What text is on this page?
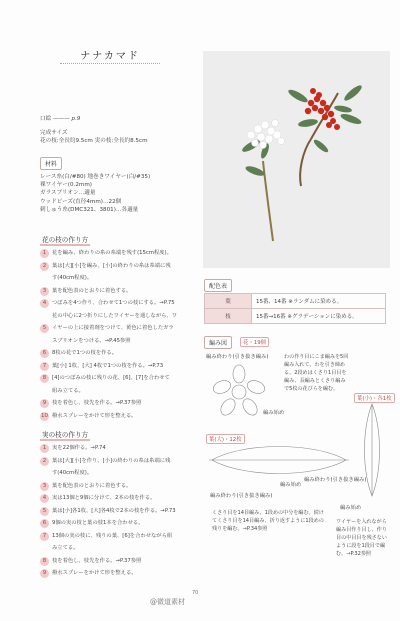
ナナカマド
口絵 ——— p.9
完成サイズ
花の枝:全長約9.5cm 実の枝:全長約8.5cm
材料
レース糸(白/#80) 地巻きワイヤー(白/#35)
裸ワイヤー(0.2mm)
ガラスブリオン…適量
ウッドビーズ(直径4mm)…22個
刺しゅう糸(DMC321、3801)…各適量
花の枝の作り方
1	花を編み、終わりの糸の糸端を残す(15cm程度)。
2	葉は[大][小]を編み、[小]の終わりの糸は糸端に残
す(40cm程度)。
3	葉を配色表のとおりに着色する。
4	つぼみを4つ作り、合わせて1つの枝にする。→P.75
花の中心に2つ折りにしたワイヤーを通しながら、ワ
5	イヤーの上に接着剤をつけて、黄色に着色したガラ
スブリオンをつける。→P.45参照
6	8枚の花で1つの枝を作る。
7	葉[小] 1枚、[大] 4枚で1つの枝を作る。→P.73
8	[4]のつぼみの枝に残りの花、[6]、[7]を合わせて
組み立てる。
9	枝を着色し、枝先を作る。→P.37参照
10 撥水スプレーをかけて形を整える。
実の枝の作り方
1	実を22個作る。→P.74
2	葉は[大][小]を作り、[小]の終わりの糸は糸端に残
す(40cm程度)。
3	葉を配色表のとおりに着色する。
4	実は13個と9個に分けて、2本の枝を作る。
5	葉は[小]各1枚、[大]各4枚で2本の枝を作る。→P.73
6	9個の実の枝と葉の枝1本を合わせる。
7	13個の実の枝に、残りの葉、[6]を合わせながら組
み立てる。
8	枝を着色し、枝先を作る。→P.37参照
9	撥水スプレーをかけて形を整える。
配色表
葉	15番、14番 ※ランダムに染める。
枝	15番→16番 ※グラデーションに染める。
編み図	花・19個
編み終わり(引き抜き編み)
編み始め
わの作り目にこま編みを5回編み入れて、わを引き締める。2段めはくさり1目目を編み、長編みとくさり編みで5枚の花びらを編む。
葉(小)・各1枚
葉(大)・12枚
編み始め
編み終わり(引き抜き編み)
編み終わり(引き抜き編み)
編み始め
くさり目を14目編み、1段めの中分を編む。続けてくさり目を14目編み、折り返すように1段めの残りを編む。→P.34参照
ワイヤーを入れながら編み目作り目し、作り目の中目目を残さないように段を1段目で編む。→P.32参照
70
@微道素材
